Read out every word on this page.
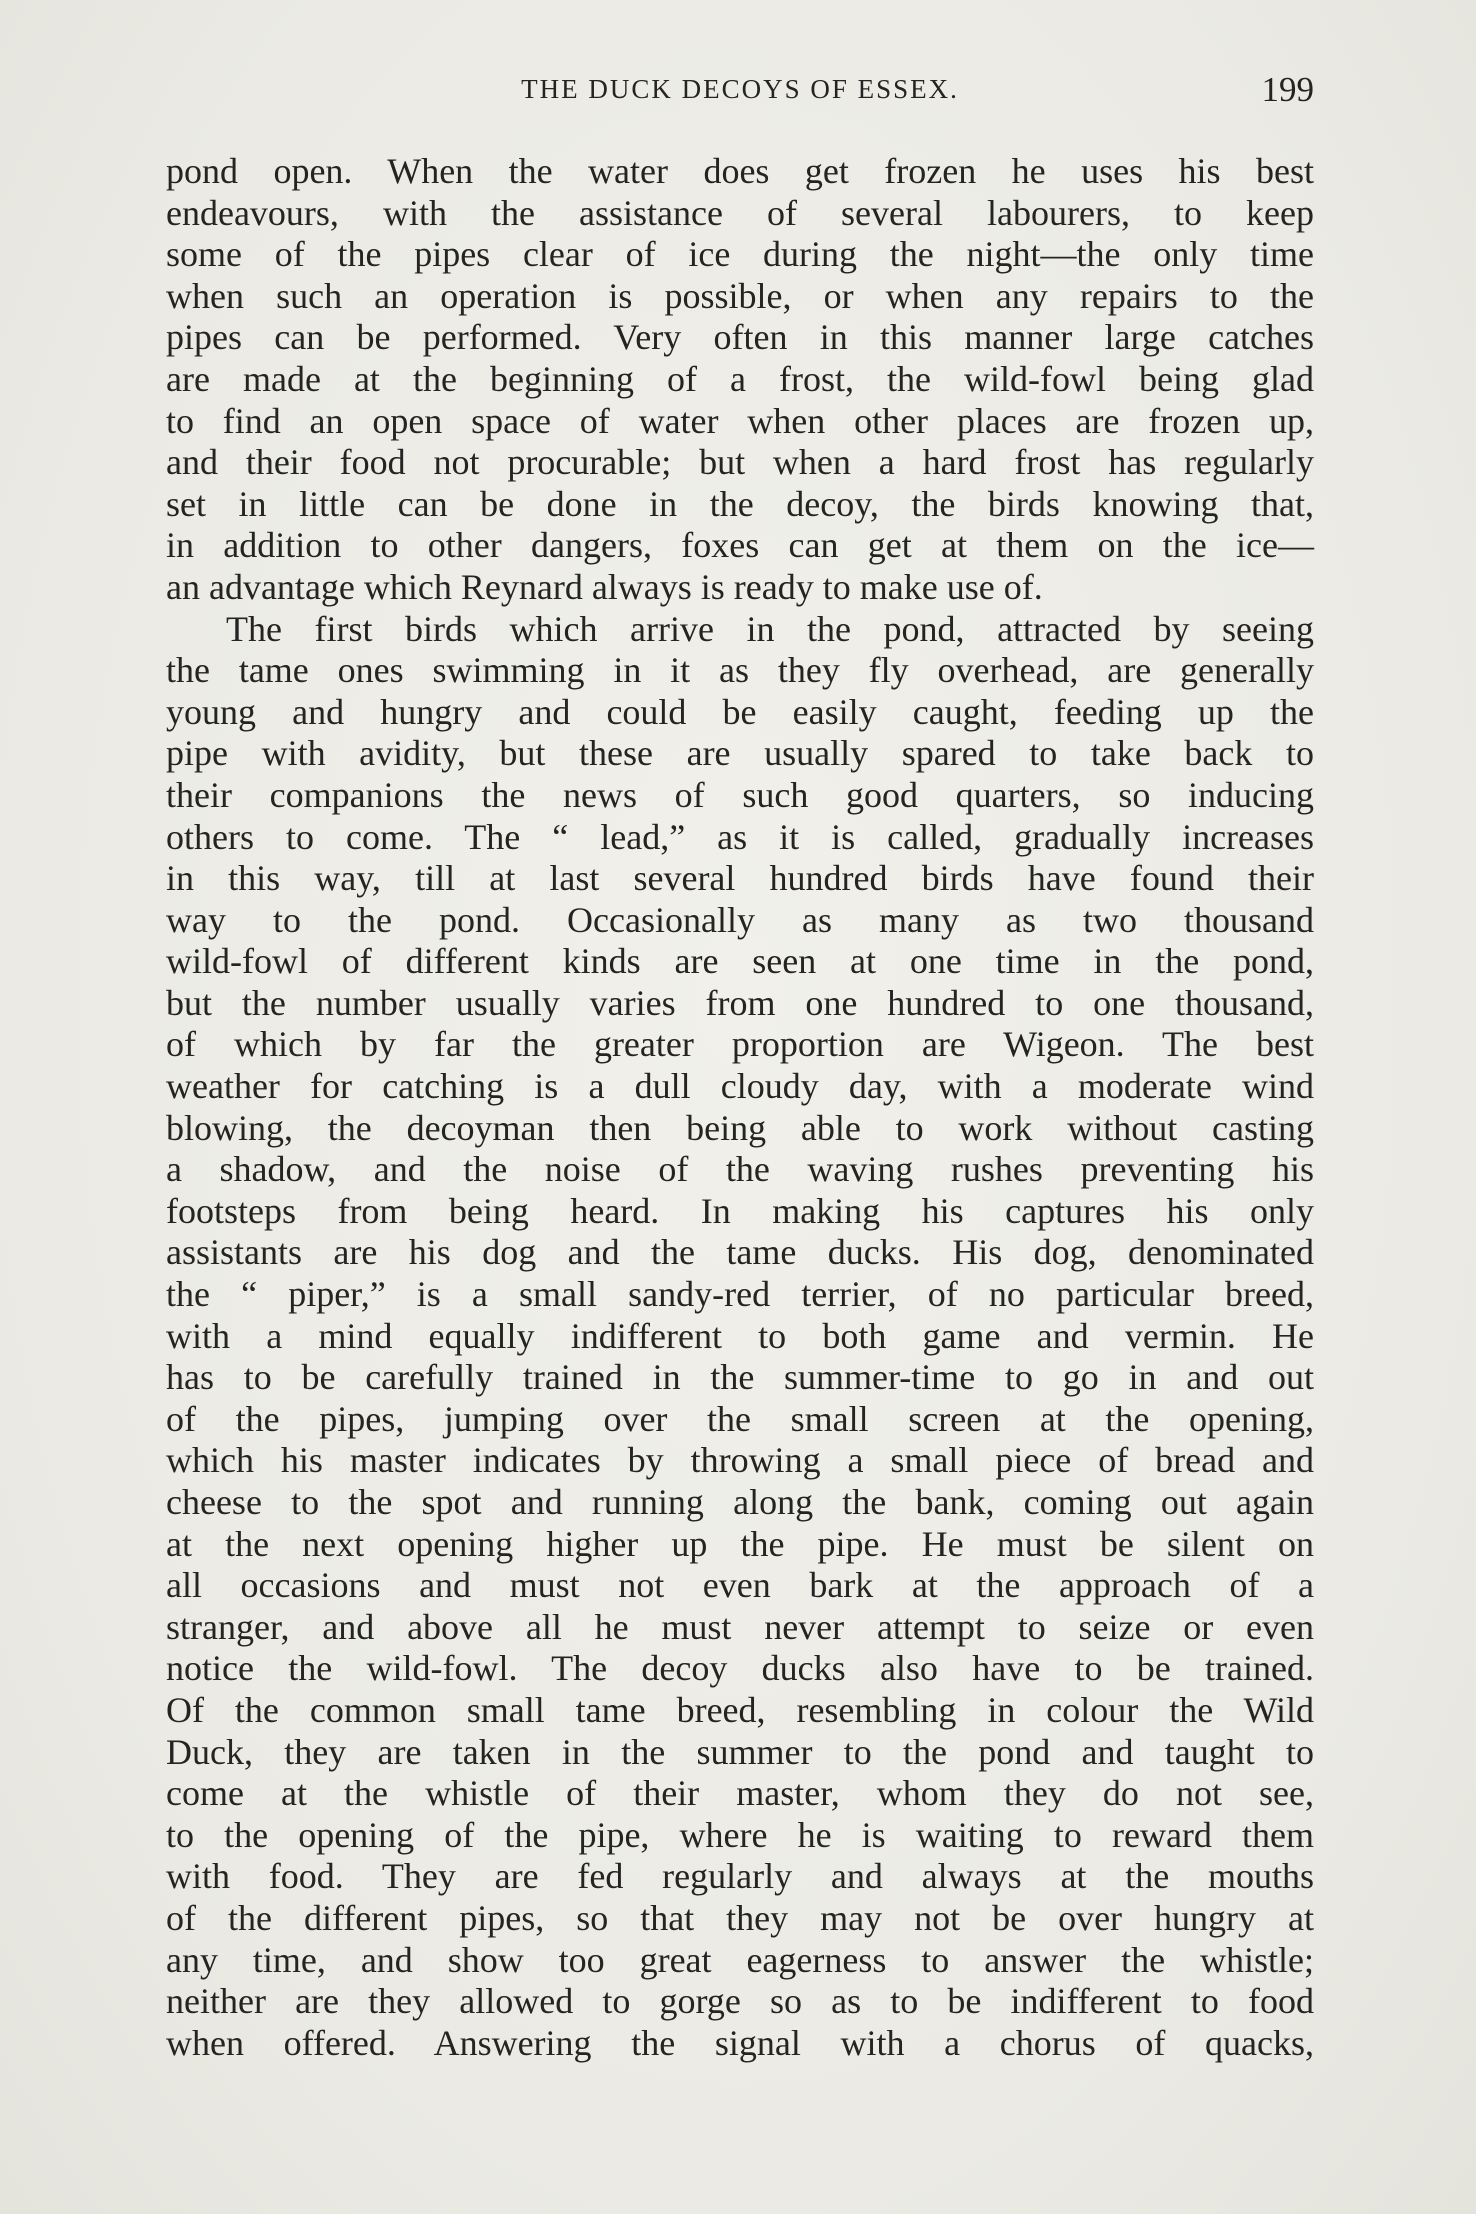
THE DUCK DECOYS OF ESSEX.	199
pond open. When the water does get frozen he uses his best
endeavours, with the assistance of several labourers, to keep
some of the pipes clear of ice during the night—the only time
when such an operation is possible, or when any repairs to the
pipes can be performed. Very often in this manner large catches
are made at the beginning of a frost, the wild-fowl being glad
to find an open space of water when other places are frozen up,
and their food not procurable; but when a hard frost has regularly
set in little can be done in the decoy, the birds knowing that,
in addition to other dangers, foxes can get at them on the ice—
an advantage which Reynard always is ready to make use of.
The first birds which arrive in the pond, attracted by seeing
the tame ones swimming in it as they fly overhead, are generally
young and hungry and could be easily caught, feeding up the
pipe with avidity, but these are usually spared to take back to
their companions the news of such good quarters, so inducing
others to come. The “ lead,” as it is called, gradually increases
in this way, till at last several hundred birds have found their
way to the pond. Occasionally as many as two thousand
wild-fowl of different kinds are seen at one time in the pond,
but the number usually varies from one hundred to one thousand,
of which by far the greater proportion are Wigeon. The best
weather for catching is a dull cloudy day, with a moderate wind
blowing, the decoyman then being able to work without casting
a shadow, and the noise of the waving rushes preventing his
footsteps from being heard. In making his captures his only
assistants are his dog and the tame ducks. His dog, denominated
the “ piper,” is a small sandy-red terrier, of no particular breed,
with a mind equally indifferent to both game and vermin. He
has to be carefully trained in the summer-time to go in and out
of the pipes, jumping over the small screen at the opening,
which his master indicates by throwing a small piece of bread and
cheese to the spot and running along the bank, coming out again
at the next opening higher up the pipe. He must be silent on
all occasions and must not even bark at the approach of a
stranger, and above all he must never attempt to seize or even
notice the wild-fowl. The decoy ducks also have to be trained.
Of the common small tame breed, resembling in colour the Wild
Duck, they are taken in the summer to the pond and taught to
come at the whistle of their master, whom they do not see,
to the opening of the pipe, where he is waiting to reward them
with food. They are fed regularly and always at the mouths
of the different pipes, so that they may not be over hungry at
any time, and show too great eagerness to answer the whistle;
neither are they allowed to gorge so as to be indifferent to food
when offered. Answering the signal with a chorus of quacks,
